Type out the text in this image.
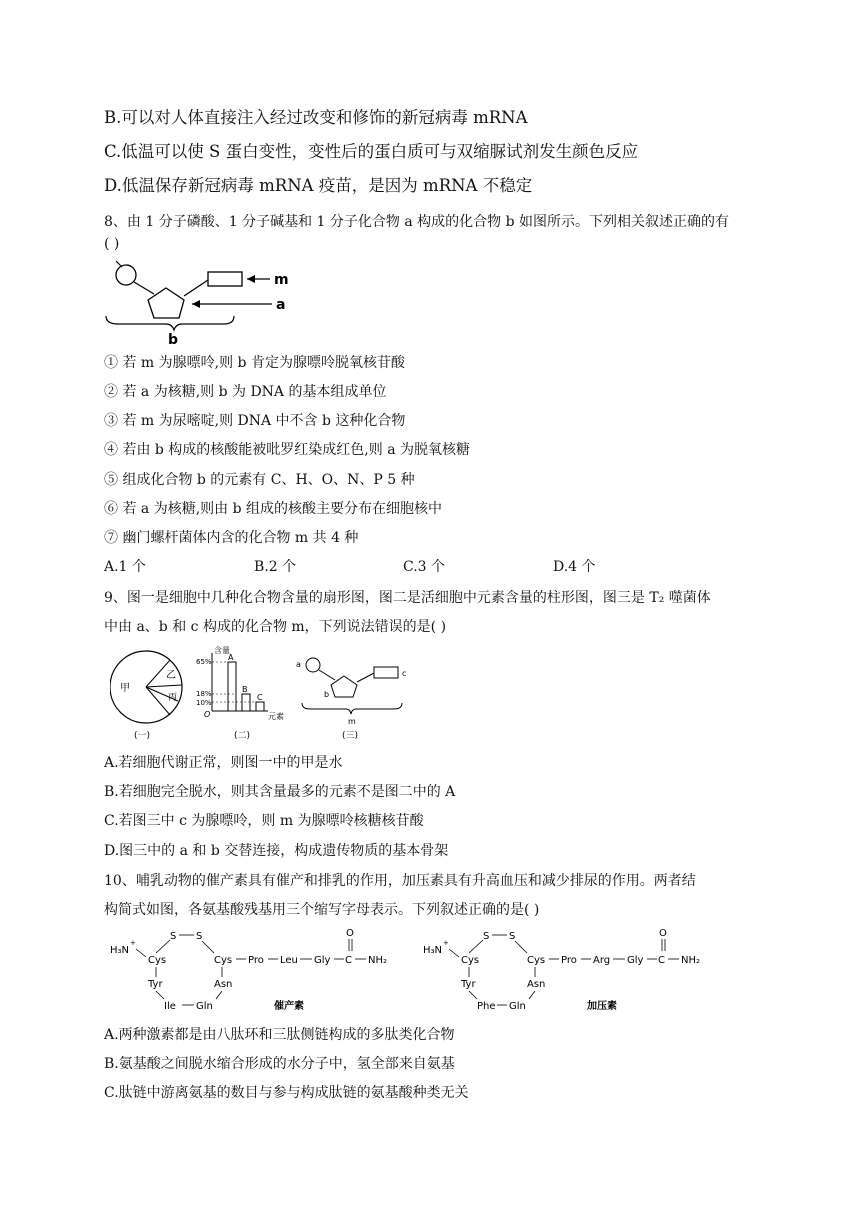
B.可以对人体直接注入经过改变和修饰的新冠病毒 mRNA
C.低温可以使 S 蛋白变性，变性后的蛋白质可与双缩脲试剂发生颜色反应
D.低温保存新冠病毒 mRNA 疫苗，是因为 mRNA 不稳定
8、由 1 分子磷酸、1 分子碱基和 1 分子化合物 a 构成的化合物 b 如图所示。下列相关叙述正确的有
( )
m
a
b
① 若 m 为腺嘌呤,则 b 肯定为腺嘌呤脱氧核苷酸
② 若 a 为核糖,则 b 为 DNA 的基本组成单位
③ 若 m 为尿嘧啶,则 DNA 中不含 b 这种化合物
④ 若由 b 构成的核酸能被吡罗红染成红色,则 a 为脱氧核糖
⑤ 组成化合物 b 的元素有 C、H、O、N、P 5 种
⑥ 若 a 为核糖,则由 b 组成的核酸主要分布在细胞核中
⑦ 幽门螺杆菌体内含的化合物 m 共 4 种
A.1 个	B.2 个	C.3 个	D.4 个
9、图一是细胞中几种化合物含量的扇形图，图二是活细胞中元素含量的柱形图，图三是 T₂ 噬菌体
中由 a、b 和 c 构成的化合物 m，下列说法错误的是( )
甲
乙
丙
(一)
含量
65%
18%
10%
O
A
B
C
元素
(二)
a
c
b
m
(三)
A.若细胞代谢正常，则图一中的甲是水
B.若细胞完全脱水，则其含量最多的元素不是图二中的 A
C.若图三中 c 为腺嘌呤，则 m 为腺嘌呤核糖核苷酸
D.图三中的 a 和 b 交替连接，构成遗传物质的基本骨架
10、哺乳动物的催产素具有催产和排乳的作用，加压素具有升高血压和减少排尿的作用。两者结
构简式如图，各氨基酸残基用三个缩写字母表示。下列叙述正确的是( )
H₃N
+
Cys
S S
Cys Pro Leu Gly C
O
NH₂
Tyr	Asn
Ile Gln	催产素
H₃N
+
Cys
S S
Cys Pro Arg Gly C
O
NH₂
Tyr	Asn
Phe Gln	加压素
A.两种激素都是由八肽环和三肽侧链构成的多肽类化合物
B.氨基酸之间脱水缩合形成的水分子中，氢全部来自氨基
C.肽链中游离氨基的数目与参与构成肽链的氨基酸种类无关
